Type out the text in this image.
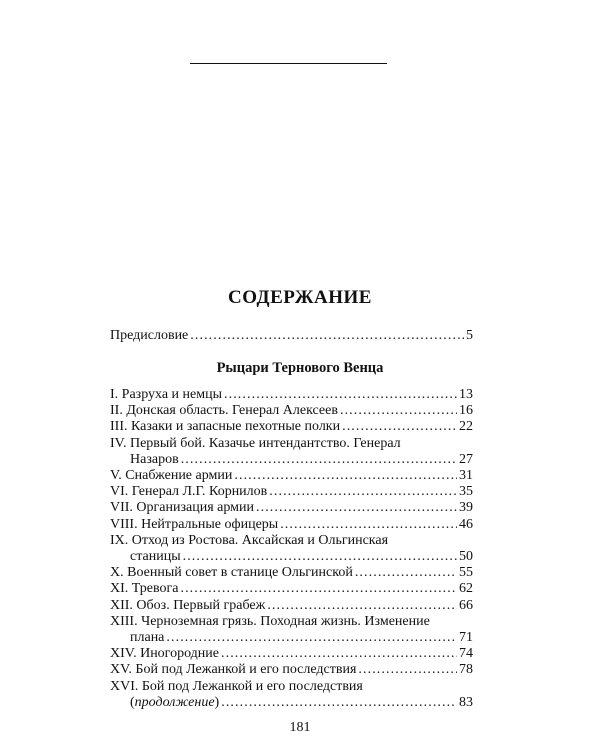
СОДЕРЖАНИЕ
Предисловие . . .	5
Рыцари Тернового Венца
I. Разруха и немцы . . .	13
II. Донская область. Генерал Алексеев . . .	16
III. Казаки и запасные пехотные полки . . .	22
IV. Первый бой. Казачье интендантство. Генерал
Назаров . . .	27
V. Снабжение армии . . .	31
VI. Генерал Л.Г. Корнилов . . .	35
VII. Организация армии . . .	39
VIII. Нейтральные офицеры . . .	46
IX. Отход из Ростова. Аксайская и Ольгинская
станицы . . .	50
X. Военный совет в станице Ольгинской . . .	55
XI. Тревога . . .	62
XII. Обоз. Первый грабеж . . .	66
XIII. Черноземная грязь. Походная жизнь. Изменение
плана . . .	71
XIV. Иногородние . . .	74
XV. Бой под Лежанкой и его последствия . . .	78
181
XVI. Бой под Лежанкой и его последствия
(продолжение) . . .	83
